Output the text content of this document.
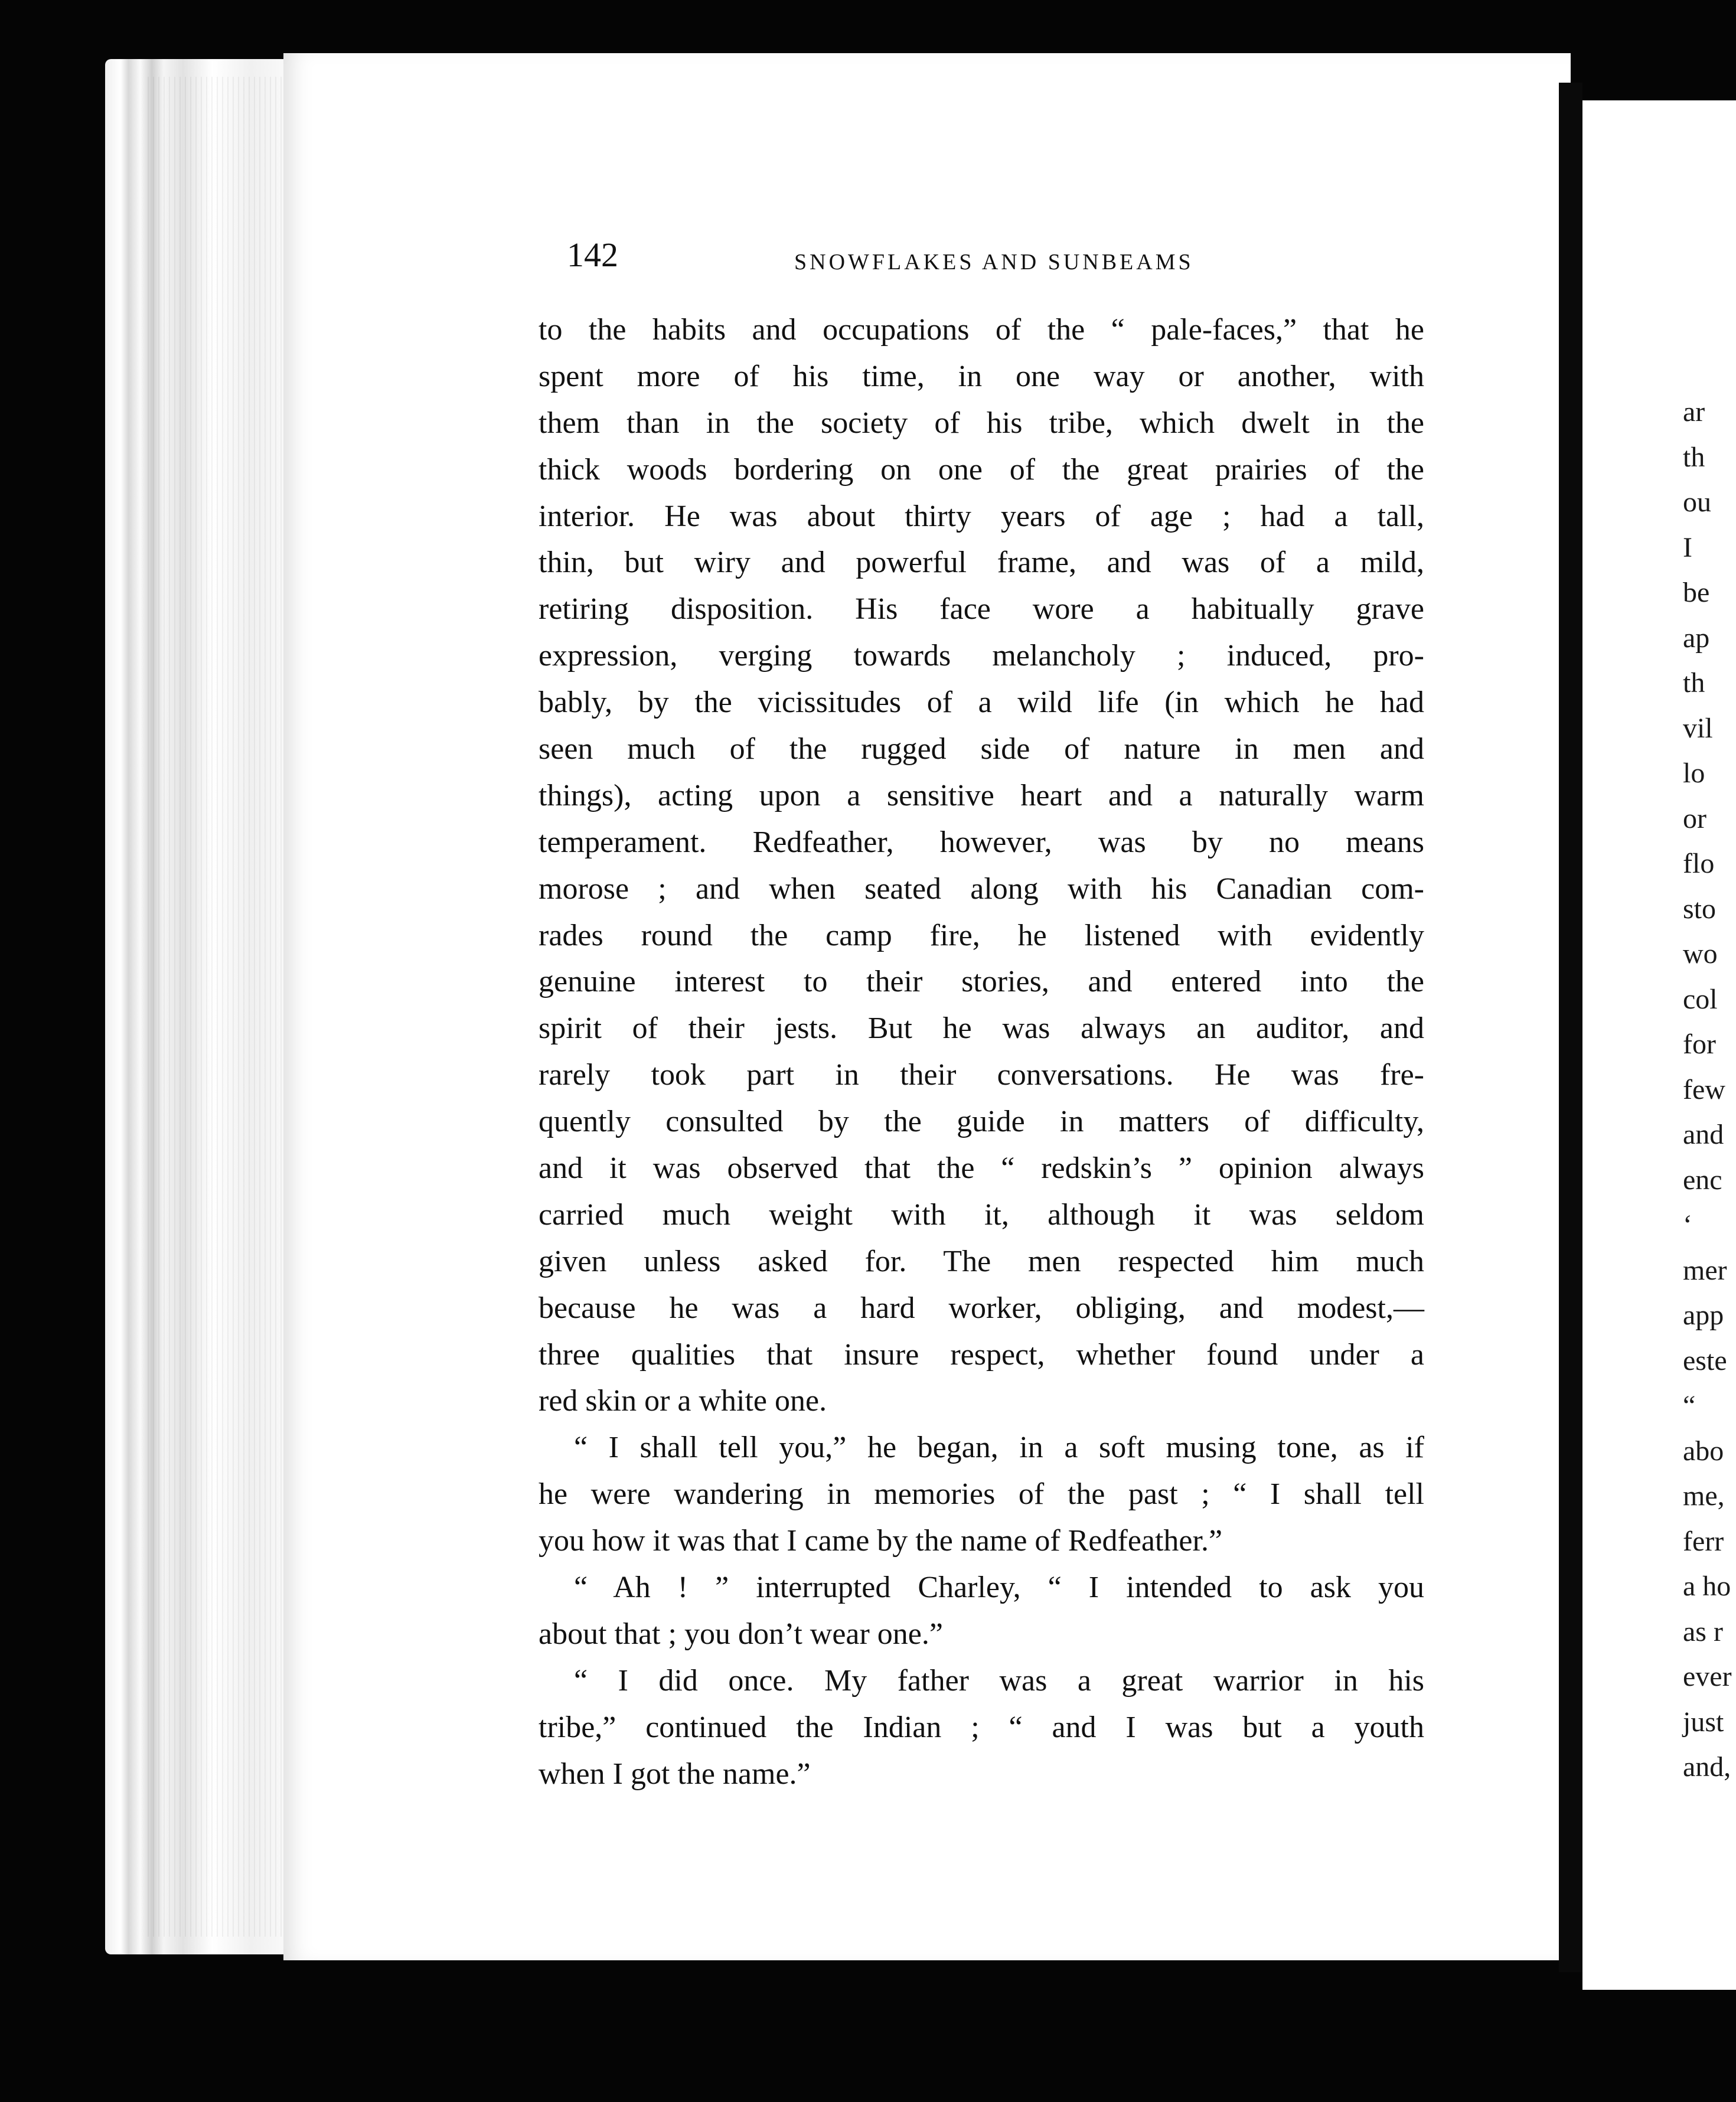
142	SNOWFLAKES AND SUNBEAMS
to the habits and occupations of the “ pale-faces,” that he
spent more of his time, in one way or another, with
them than in the society of his tribe, which dwelt in the
thick woods bordering on one of the great prairies of the
interior. He was about thirty years of age ; had a tall,
thin, but wiry and powerful frame, and was of a mild,
retiring disposition. His face wore a habitually grave
expression, verging towards melancholy ; induced, pro-
bably, by the vicissitudes of a wild life (in which he had
seen much of the rugged side of nature in men and
things), acting upon a sensitive heart and a naturally warm
temperament. Redfeather, however, was by no means
morose ; and when seated along with his Canadian com-
rades round the camp fire, he listened with evidently
genuine interest to their stories, and entered into the
spirit of their jests. But he was always an auditor, and
rarely took part in their conversations. He was fre-
quently consulted by the guide in matters of difficulty,
and it was observed that the “ redskin’s ” opinion always
carried much weight with it, although it was seldom
given unless asked for. The men respected him much
because he was a hard worker, obliging, and modest,—
three qualities that insure respect, whether found under a
red skin or a white one.
“ I shall tell you,” he began, in a soft musing tone, as if
he were wandering in memories of the past ; “ I shall tell
you how it was that I came by the name of Redfeather.”
“ Ah ! ” interrupted Charley, “ I intended to ask you
about that ; you don’t wear one.”
“ I did once. My father was a great warrior in his
tribe,” continued the Indian ; “ and I was but a youth
when I got the name.”
ar
th
ou
I
be
ap
th
vil
lo
or
flo
sto
wo
col
for
few
and
enc
‘
mer
app
este
“
abo
me,
ferr
a ho
as r
ever
just
and,
